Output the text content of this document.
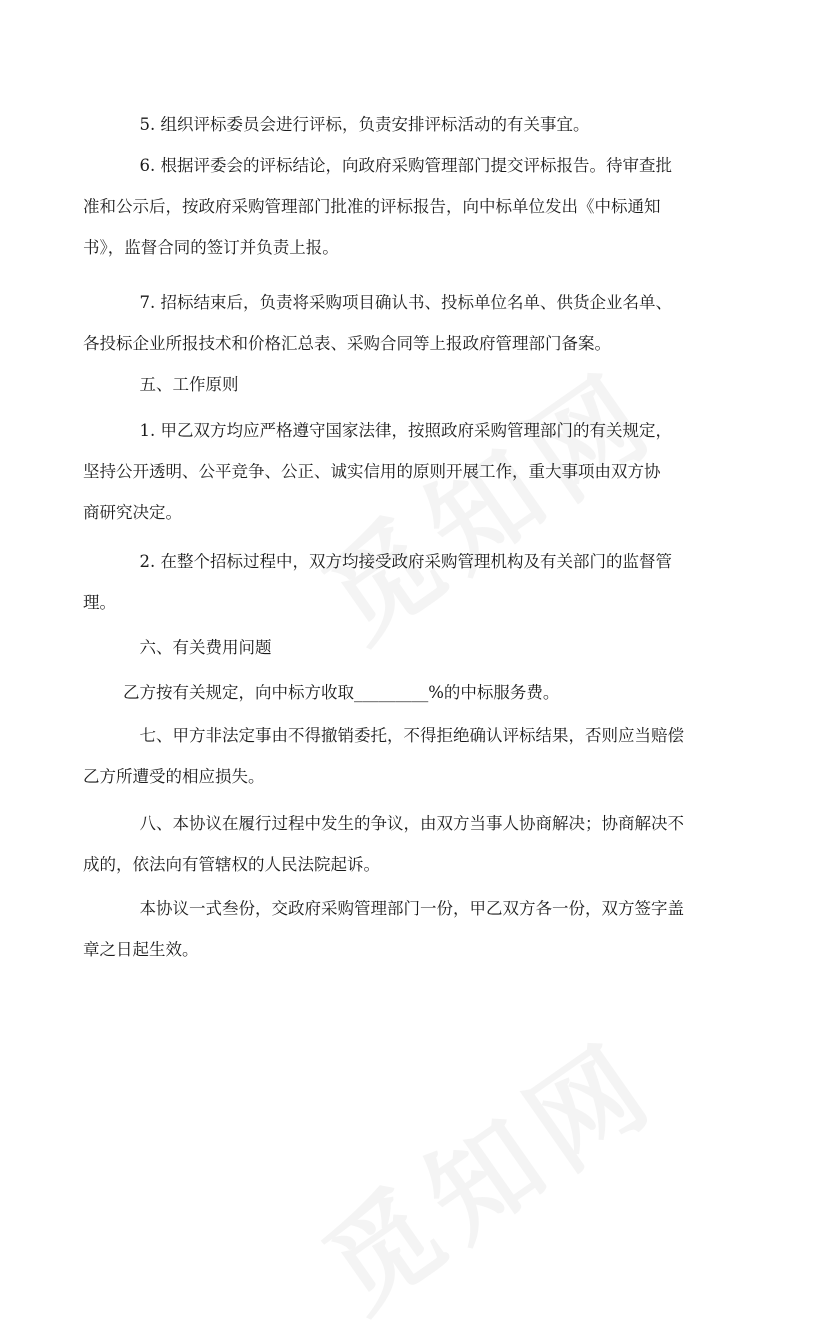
　5. 组织评标委员会进行评标，负责安排评标活动的有关事宜。
　6. 根据评委会的评标结论，向政府采购管理部门提交评标报告。待审查批
准和公示后，按政府采购管理部门批准的评标报告，向中标单位发出《中标通知
书》，监督合同的签订并负责上报。
　7. 招标结束后，负责将采购项目确认书、投标单位名单、供货企业名单、
各投标企业所报技术和价格汇总表、采购合同等上报政府管理部门备案。
　五、工作原则
　1. 甲乙双方均应严格遵守国家法律，按照政府采购管理部门的有关规定，
坚持公开透明、公平竞争、公正、诚实信用的原则开展工作，重大事项由双方协
商研究决定。
　2. 在整个招标过程中，双方均接受政府采购管理机构及有关部门的监督管
理。
　六、有关费用问题
乙方按有关规定，向中标方收取_________%的中标服务费。
　七、甲方非法定事由不得撤销委托，不得拒绝确认评标结果，否则应当赔偿
乙方所遭受的相应损失。
　八、本协议在履行过程中发生的争议，由双方当事人协商解决；协商解决不
成的，依法向有管辖权的人民法院起诉。
　本协议一式叁份，交政府采购管理部门一份，甲乙双方各一份，双方签字盖
章之日起生效。
